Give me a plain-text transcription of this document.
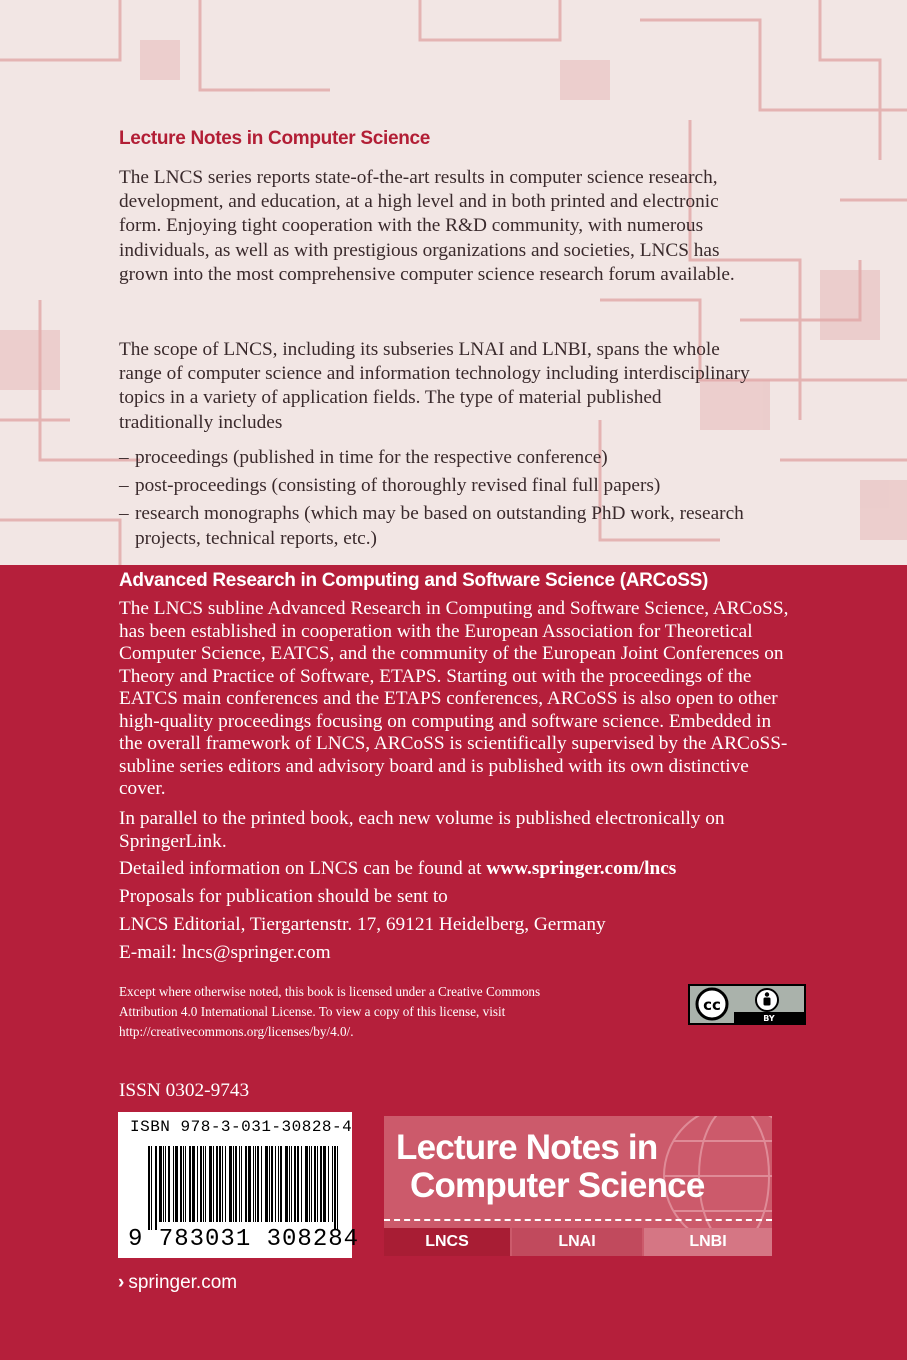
Lecture Notes in Computer Science

The LNCS series reports state-of-the-art results in computer science research, development, and education, at a high level and in both printed and electronic form. Enjoying tight cooperation with the R&D community, with numerous individuals, as well as with prestigious organizations and societies, LNCS has grown into the most comprehensive computer science research forum available.

The scope of LNCS, including its subseries LNAI and LNBI, spans the whole range of computer science and information technology including interdisciplinary topics in a variety of application fields. The type of material published traditionally includes

– proceedings (published in time for the respective conference)
– post-proceedings (consisting of thoroughly revised final full papers)
– research monographs (which may be based on outstanding PhD work, research projects, technical reports, etc.)
Advanced Research in Computing and Software Science (ARCoSS)

The LNCS subline Advanced Research in Computing and Software Science, ARCoSS, has been established in cooperation with the European Association for Theoretical Computer Science, EATCS, and the community of the European Joint Conferences on Theory and Practice of Software, ETAPS. Starting out with the proceedings of the EATCS main conferences and the ETAPS conferences, ARCoSS is also open to other high-quality proceedings focusing on computing and software science. Embedded in the overall framework of LNCS, ARCoSS is scientifically supervised by the ARCoSS-subline series editors and advisory board and is published with its own distinctive cover.

In parallel to the printed book, each new volume is published electronically on SpringerLink.

Detailed information on LNCS can be found at www.springer.com/lncs
Proposals for publication should be sent to
LNCS Editorial, Tiergartenstr. 17, 69121 Heidelberg, Germany
E-mail: lncs@springer.com
Except where otherwise noted, this book is licensed under a Creative Commons Attribution 4.0 International License. To view a copy of this license, visit http://creativecommons.org/licenses/by/4.0/.
cc
BY
ISSN 0302-9743
ISBN 978-3-031-30828-4
9 783031 308284
Lecture Notes in
Computer Science
LNCS	LNAI	LNBI
› springer.com
